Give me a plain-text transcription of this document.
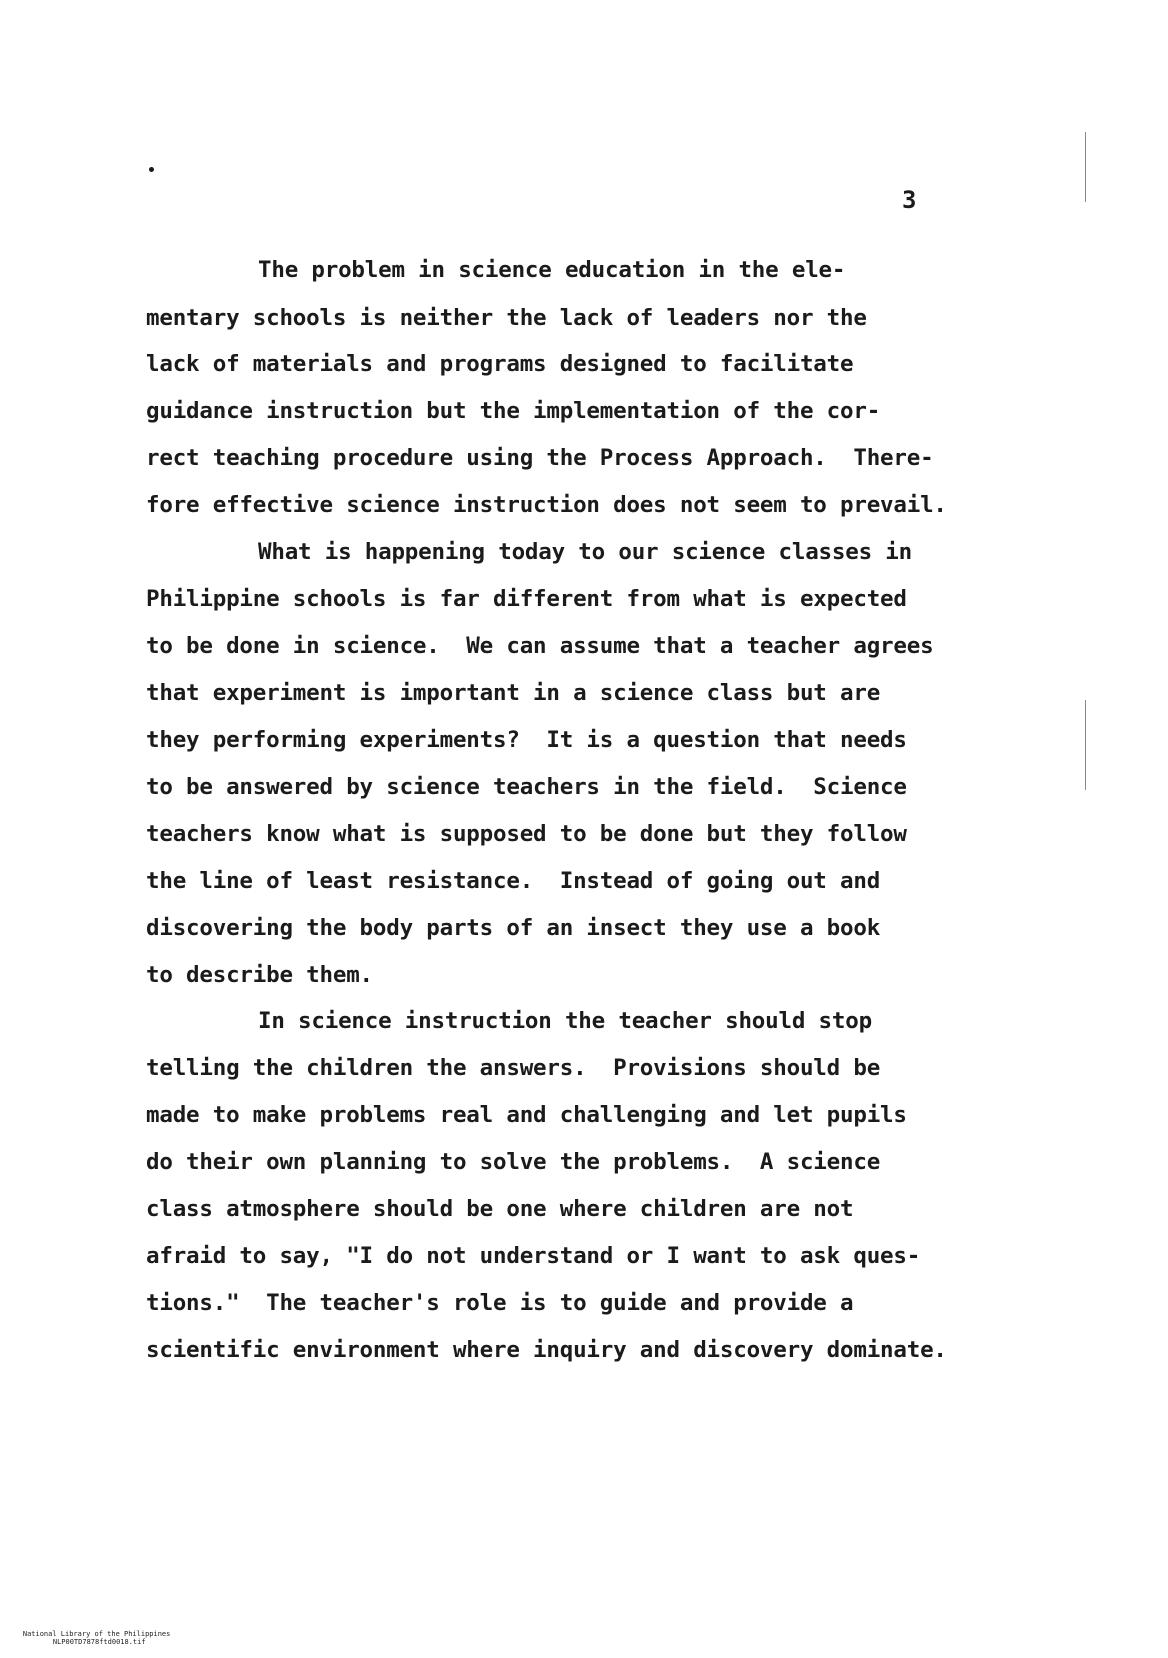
3

The problem in science education in the ele-

mentary schools is neither the lack of leaders nor the

lack of materials and programs designed to facilitate

guidance instruction but the implementation of the cor-

rect teaching procedure using the Process Approach.  There-

fore effective science instruction does not seem to prevail.

What is happening today to our science classes in

Philippine schools is far different from what is expected

to be done in science.  We can assume that a teacher agrees

that experiment is important in a science class but are

they performing experiments?  It is a question that needs

to be answered by science teachers in the field.  Science

teachers know what is supposed to be done but they follow

the line of least resistance.  Instead of going out and

discovering the body parts of an insect they use a book

to describe them.

In science instruction the teacher should stop

telling the children the answers.  Provisions should be

made to make problems real and challenging and let pupils

do their own planning to solve the problems.  A science

class atmosphere should be one where children are not

afraid to say, "I do not understand or I want to ask ques-

tions."  The teacher's role is to guide and provide a

scientific environment where inquiry and discovery dominate.

National Library of the Philippines
NLP00TD7878ftd0018.tif
